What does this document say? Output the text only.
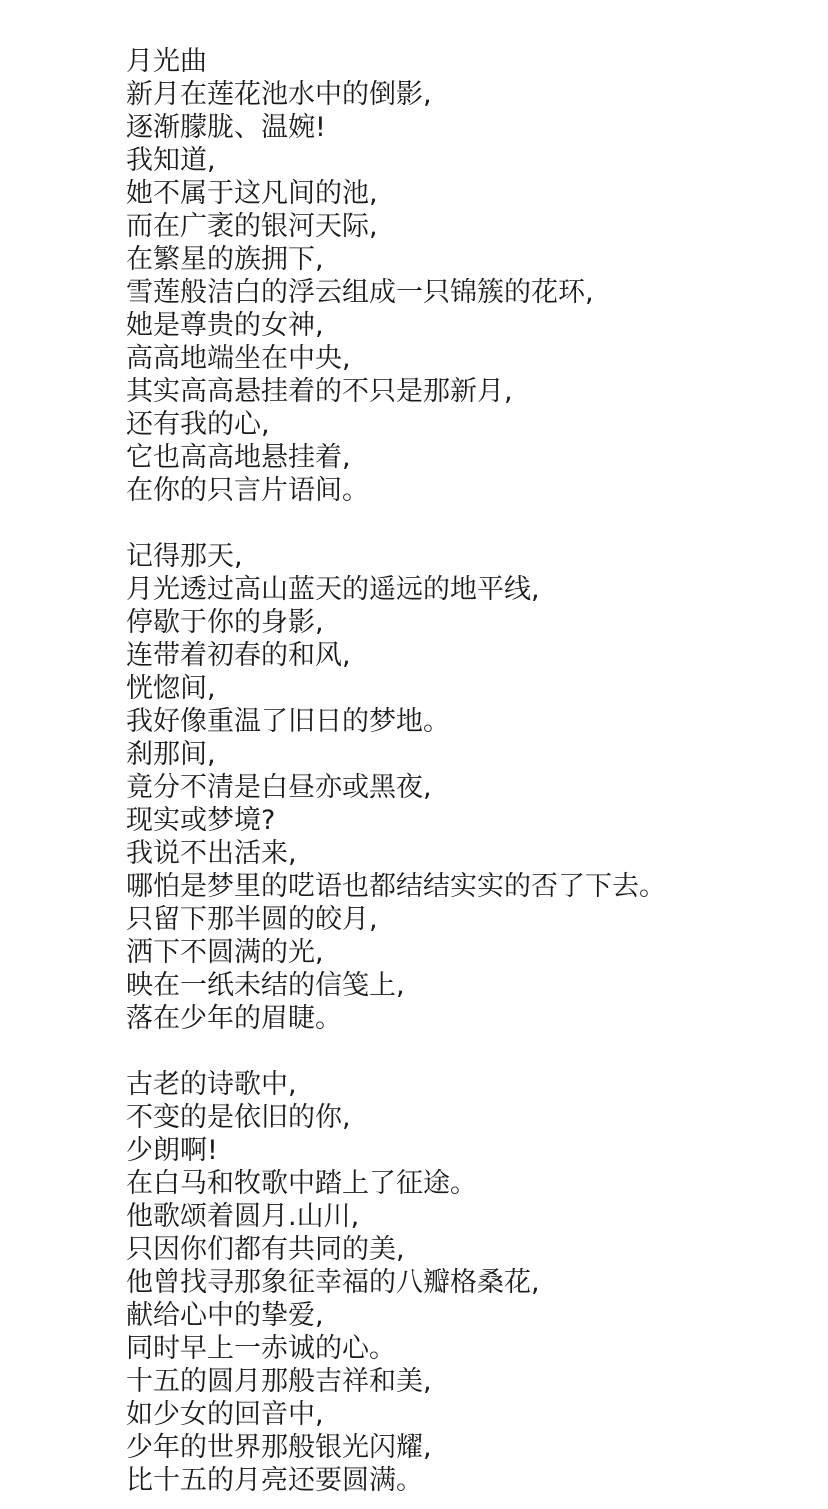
月光曲
新月在莲花池水中的倒影,
逐渐朦胧、温婉!
我知道,
她不属于这凡间的池,
而在广袤的银河天际,
在繁星的族拥下,
雪莲般洁白的浮云组成一只锦簇的花环,
她是尊贵的女神,
高高地端坐在中央,
其实高高悬挂着的不只是那新月,
还有我的心,
它也高高地悬挂着,
在你的只言片语间。
记得那天,
月光透过高山蓝天的遥远的地平线,
停歇于你的身影,
连带着初春的和风,
恍惚间,
我好像重温了旧日的梦地。
刹那间,
竟分不清是白昼亦或黑夜,
现实或梦境?
我说不出活来,
哪怕是梦里的呓语也都结结实实的否了下去。
只留下那半圆的皎月,
洒下不圆满的光,
映在一纸未结的信笺上,
落在少年的眉睫。
古老的诗歌中,
不变的是依旧的你,
少朗啊!
在白马和牧歌中踏上了征途。
他歌颂着圆月.山川,
只因你们都有共同的美,
他曾找寻那象征幸福的八瓣格桑花,
献给心中的挚爱,
同时早上一赤诚的心。
十五的圆月那般吉祥和美,
如少女的回音中,
少年的世界那般银光闪耀,
比十五的月亮还要圆满。
